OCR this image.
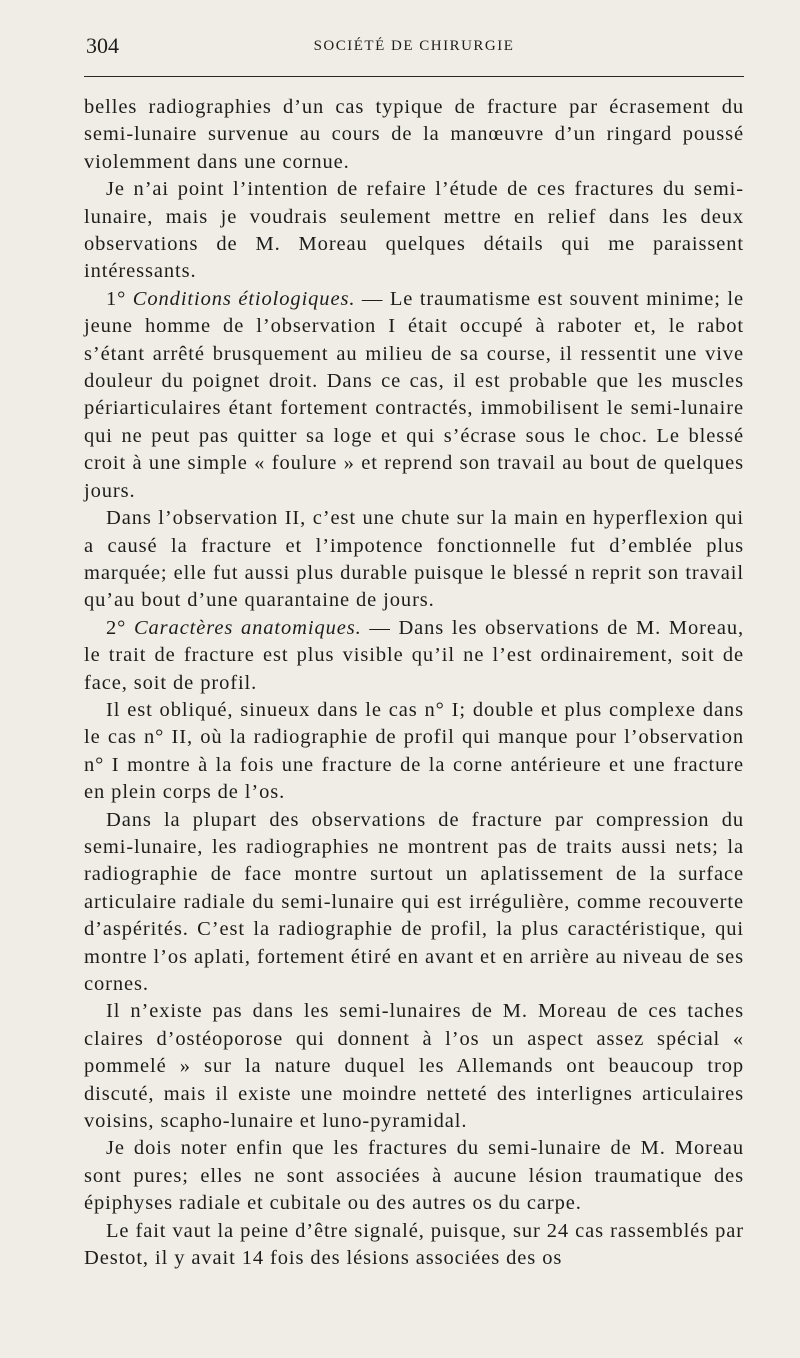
304	SOCIÉTÉ DE CHIRURGIE

belles radiographies d’un cas typique de fracture par écrasement du semi-lunaire survenue au cours de la manœuvre d’un ringard poussé violemment dans une cornue.

Je n’ai point l’intention de refaire l’étude de ces fractures du semi-lunaire, mais je voudrais seulement mettre en relief dans les deux observations de M. Moreau quelques détails qui me paraissent intéressants.

1° Conditions étiologiques. — Le traumatisme est souvent minime; le jeune homme de l’observation I était occupé à raboter et, le rabot s’étant arrêté brusquement au milieu de sa course, il ressentit une vive douleur du poignet droit. Dans ce cas, il est probable que les muscles périarticulaires étant fortement contractés, immobilisent le semi-lunaire qui ne peut pas quitter sa loge et qui s’écrase sous le choc. Le blessé croit à une simple « foulure » et reprend son travail au bout de quelques jours.

Dans l’observation II, c’est une chute sur la main en hyperflexion qui a causé la fracture et l’impotence fonctionnelle fut d’emblée plus marquée; elle fut aussi plus durable puisque le blessé n reprit son travail qu’au bout d’une quarantaine de jours.

2° Caractères anatomiques. — Dans les observations de M. Moreau, le trait de fracture est plus visible qu’il ne l’est ordinairement, soit de face, soit de profil.

Il est obliqué, sinueux dans le cas n° I; double et plus complexe dans le cas n° II, où la radiographie de profil qui manque pour l’observation n° I montre à la fois une fracture de la corne antérieure et une fracture en plein corps de l’os.

Dans la plupart des observations de fracture par compression du semi-lunaire, les radiographies ne montrent pas de traits aussi nets; la radiographie de face montre surtout un aplatissement de la surface articulaire radiale du semi-lunaire qui est irrégulière, comme recouverte d’aspérités. C’est la radiographie de profil, la plus caractéristique, qui montre l’os aplati, fortement étiré en avant et en arrière au niveau de ses cornes.

Il n’existe pas dans les semi-lunaires de M. Moreau de ces taches claires d’ostéoporose qui donnent à l’os un aspect assez spécial « pommelé » sur la nature duquel les Allemands ont beaucoup trop discuté, mais il existe une moindre netteté des interlignes articulaires voisins, scapho-lunaire et luno-pyramidal.

Je dois noter enfin que les fractures du semi-lunaire de M. Moreau sont pures; elles ne sont associées à aucune lésion traumatique des épiphyses radiale et cubitale ou des autres os du carpe.

Le fait vaut la peine d’être signalé, puisque, sur 24 cas rassemblés par Destot, il y avait 14 fois des lésions associées des os
